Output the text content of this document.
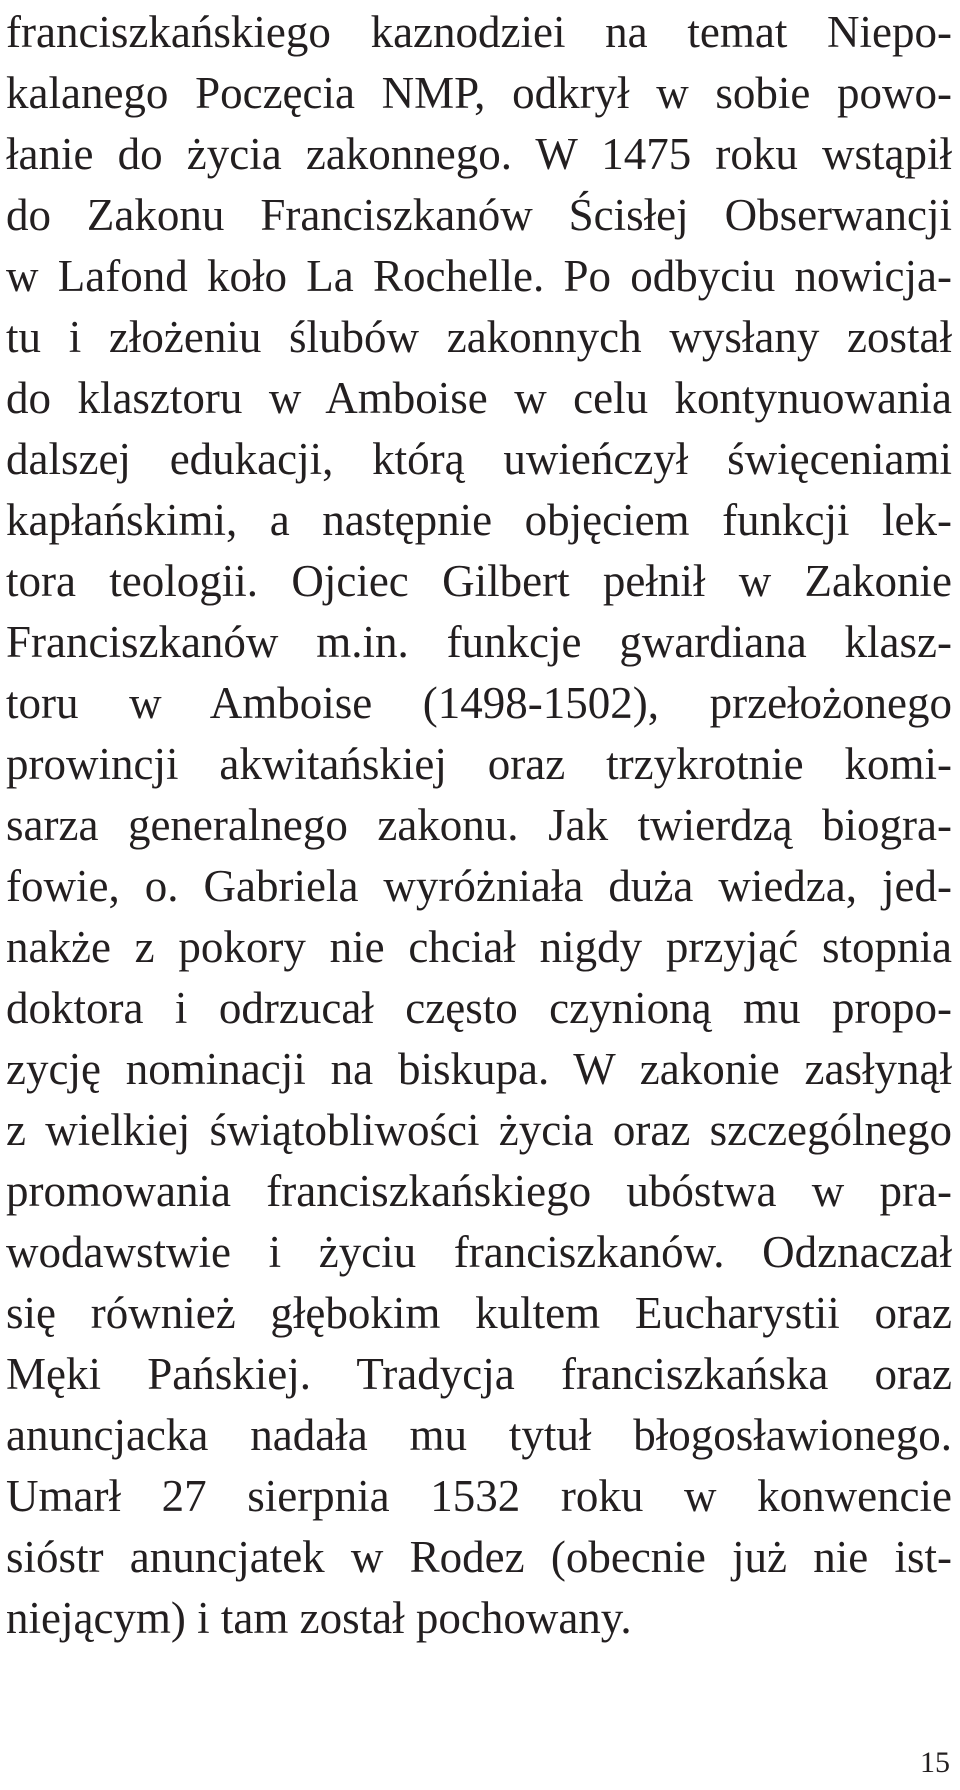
franciszkańskiego kaznodziei na temat Niepo-
kalanego Poczęcia NMP, odkrył w sobie powo-
łanie do życia zakonnego. W 1475 roku wstąpił
do Zakonu Franciszkanów Ścisłej Obserwancji
w Lafond koło La Rochelle. Po odbyciu nowicja-
tu i złożeniu ślubów zakonnych wysłany został
do klasztoru w Amboise w celu kontynuowania
dalszej edukacji, którą uwieńczył święceniami
kapłańskimi, a następnie objęciem funkcji lek-
tora teologii. Ojciec Gilbert pełnił w Zakonie
Franciszkanów m.in. funkcje gwardiana klasz-
toru w Amboise (1498-1502), przełożonego
prowincji akwitańskiej oraz trzykrotnie komi-
sarza generalnego zakonu. Jak twierdzą biogra-
fowie, o. Gabriela wyróżniała duża wiedza, jed-
nakże z pokory nie chciał nigdy przyjąć stopnia
doktora i odrzucał często czynioną mu propo-
zycję nominacji na biskupa. W zakonie zasłynął
z wielkiej świątobliwości życia oraz szczególnego
promowania franciszkańskiego ubóstwa w pra-
wodawstwie i życiu franciszkanów. Odznaczał
się również głębokim kultem Eucharystii oraz
Męki Pańskiej. Tradycja franciszkańska oraz
anuncjacka nadała mu tytuł błogosławionego.
Umarł 27 sierpnia 1532 roku w konwencie
sióstr anuncjatek w Rodez (obecnie już nie ist-
niejącym) i tam został pochowany.
15
